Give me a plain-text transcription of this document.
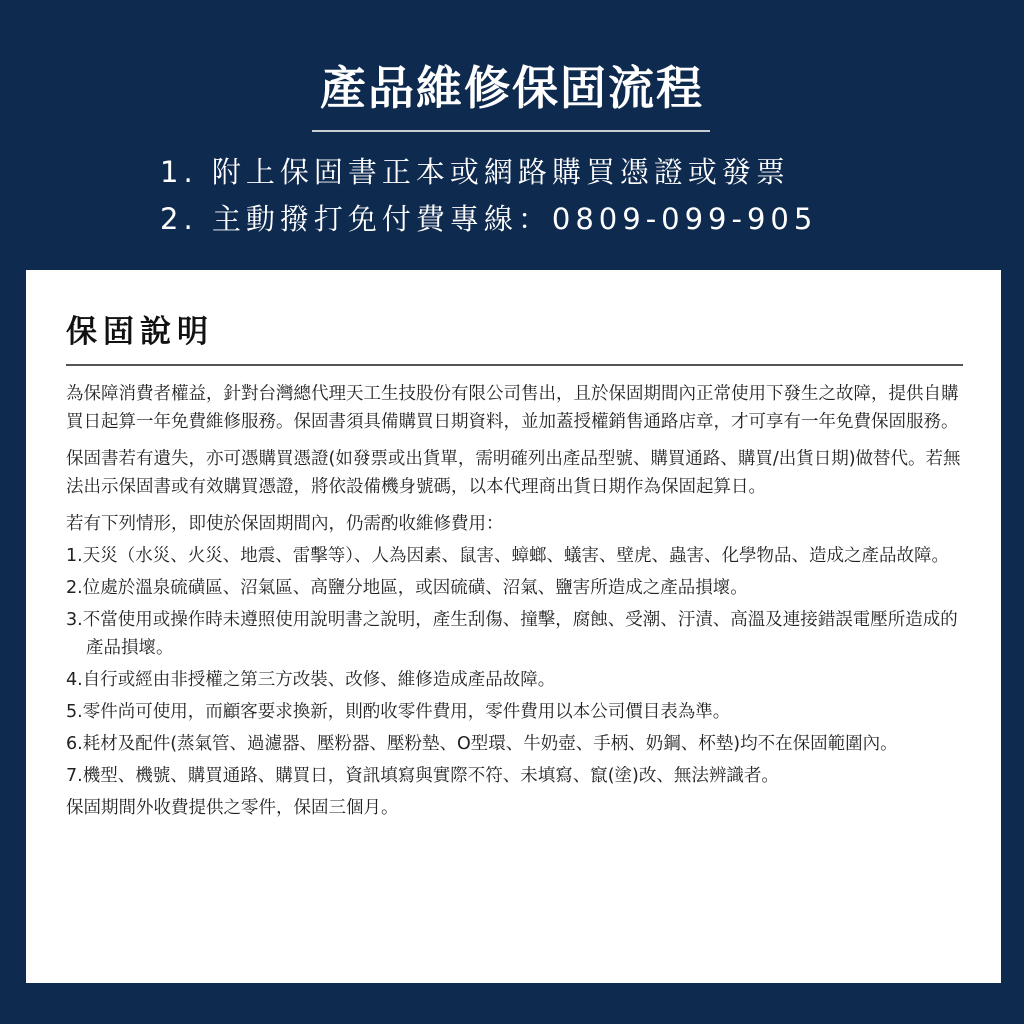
產品維修保固流程
1. 附上保固書正本或網路購買憑證或發票
2. 主動撥打免付費專線：0809-099-905
保固說明

為保障消費者權益，針對台灣總代理天工生技股份有限公司售出，且於保固期間內正常使用下發生之故障，提供自購買日起算一年免費維修服務。保固書須具備購買日期資料，並加蓋授權銷售通路店章，才可享有一年免費保固服務。

保固書若有遺失，亦可憑購買憑證(如發票或出貨單，需明確列出產品型號、購買通路、購買/出貨日期)做替代。若無法出示保固書或有效購買憑證，將依設備機身號碼，以本代理商出貨日期作為保固起算日。

若有下列情形，即使於保固期間內，仍需酌收維修費用：

1.天災（水災、火災、地震、雷擊等）、人為因素、鼠害、蟑螂、蟻害、壁虎、蟲害、化學物品、造成之產品故障。

2.位處於溫泉硫磺區、沼氣區、高鹽分地區，或因硫磺、沼氣、鹽害所造成之產品損壞。

3.不當使用或操作時未遵照使用說明書之說明，產生刮傷、撞擊，腐蝕、受潮、汙漬、高溫及連接錯誤電壓所造成的產品損壞。

4.自行或經由非授權之第三方改裝、改修、維修造成產品故障。

5.零件尚可使用，而顧客要求換新，則酌收零件費用，零件費用以本公司價目表為準。

6.耗材及配件(蒸氣管、過濾器、壓粉器、壓粉墊、O型環、牛奶壺、手柄、奶鋼、杯墊)均不在保固範圍內。

7.機型、機號、購買通路、購買日，資訊填寫與實際不符、未填寫、竄(塗)改、無法辨識者。

保固期間外收費提供之零件，保固三個月。
